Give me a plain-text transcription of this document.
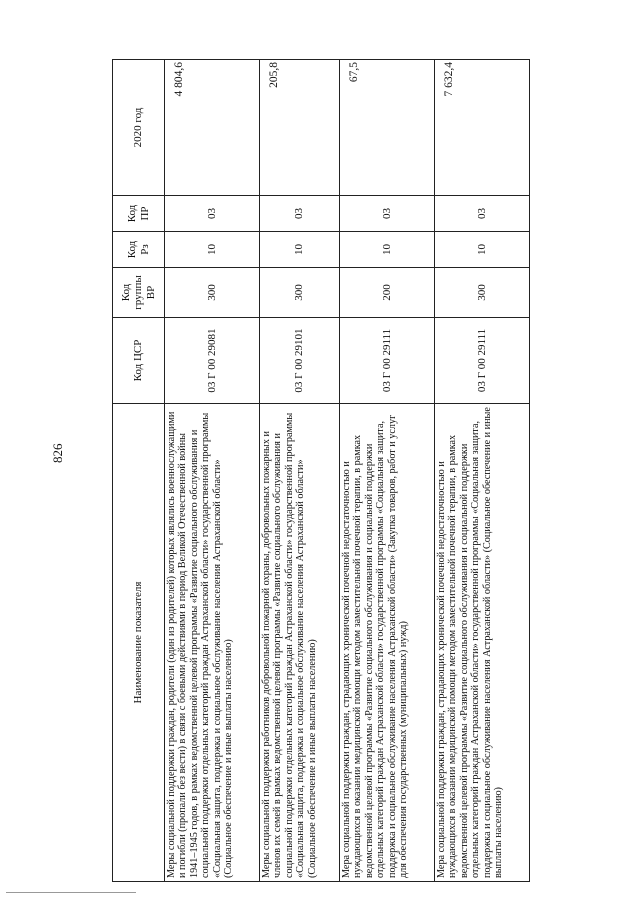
826
Наименование показателя	Код ЦСР	Код группы ВР	Код Рз	Код ПР	2020 год
Меры социальной поддержки граждан, родители (один из родителей) которых являлись военнослужащими и погибли (пропали без вести) в связи с боевыми действиями в период Великой Отечественной войны 1941–1945 годов, в рамках ведомственной целевой программы «Развитие социального обслуживания и социальной поддержки отдельных категорий граждан Астраханской области» государственной программы «Социальная защита, поддержка и социальное обслуживание населения Астраханской области» (Социальное обеспечение и иные выплаты населению)	03 Г 00 29081	300	10	03	4 804,6
Меры социальной поддержки работников добровольной пожарной охраны, добровольных пожарных и членов их семей в рамках ведомственной целевой программы «Развитие социального обслуживания и социальной поддержки отдельных категорий граждан Астраханской области» государственной программы «Социальная защита, поддержка и социальное обслуживание населения Астраханской области» (Социальное обеспечение и иные выплаты населению)	03 Г 00 29101	300	10	03	205,8
Мера социальной поддержки граждан, страдающих хронической почечной недостаточностью и нуждающихся в оказании медицинской помощи методом заместительной почечной терапии, в рамках ведомственной целевой программы «Развитие социального обслуживания и социальной поддержки отдельных категорий граждан Астраханской области» государственной программы «Социальная защита, поддержка и социальное обслуживание населения Астраханской области» (Закупка товаров, работ и услуг для обеспечения государственных (муниципальных) нужд)	03 Г 00 29111	200	10	03	67,5
Мера социальной поддержки граждан, страдающих хронической почечной недостаточностью и нуждающихся в оказании медицинской помощи методом заместительной почечной терапии, в рамках ведомственной целевой программы «Развитие социального обслуживания и социальной поддержки отдельных категорий граждан Астраханской области» государственной программы «Социальная защита, поддержка и социальное обслуживание населения Астраханской области» (Социальное обеспечение и иные выплаты населению)	03 Г 00 29111	300	10	03	7 632,4
